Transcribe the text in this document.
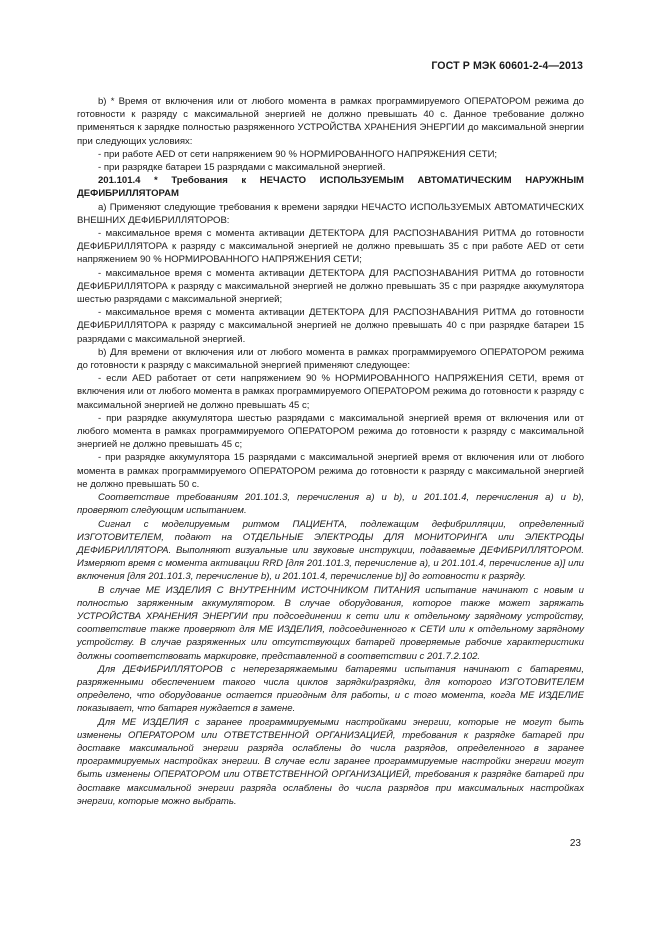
ГОСТ Р МЭК 60601-2-4—2013

b) * Время от включения или от любого момента в рамках программируемого ОПЕРАТОРОМ режима до готовности к разряду с максимальной энергией не должно превышать 40 с. Данное требование должно применяться к зарядке полностью разряженного УСТРОЙСТВА ХРАНЕНИЯ ЭНЕРГИИ до максимальной энергии при следующих условиях:

- при работе AED от сети напряжением 90 % НОРМИРОВАННОГО НАПРЯЖЕНИЯ СЕТИ;

- при разрядке батареи 15 разрядами с максимальной энергией.

201.101.4 * Требования к НЕЧАСТО ИСПОЛЬЗУЕМЫМ АВТОМАТИЧЕСКИМ НАРУЖНЫМ ДЕФИБРИЛЛЯТОРАМ

а) Применяют следующие требования к времени зарядки НЕЧАСТО ИСПОЛЬЗУЕМЫХ АВТОМАТИЧЕСКИХ ВНЕШНИХ ДЕФИБРИЛЛЯТОРОВ:

- максимальное время с момента активации ДЕТЕКТОРА ДЛЯ РАСПОЗНАВАНИЯ РИТМА до готовности ДЕФИБРИЛЛЯТОРА к разряду с максимальной энергией не должно превышать 35 с при работе AED от сети напряжением 90 % НОРМИРОВАННОГО НАПРЯЖЕНИЯ СЕТИ;

- максимальное время с момента активации ДЕТЕКТОРА ДЛЯ РАСПОЗНАВАНИЯ РИТМА до готовности ДЕФИБРИЛЛЯТОРА к разряду с максимальной энергией не должно превышать 35 с при разрядке аккумулятора шестью разрядами с максимальной энергией;

- максимальное время с момента активации ДЕТЕКТОРА ДЛЯ РАСПОЗНАВАНИЯ РИТМА до готовности ДЕФИБРИЛЛЯТОРА к разряду с максимальной энергией не должно превышать 40 с при разрядке батареи 15 разрядами с максимальной энергией.

b) Для времени от включения или от любого момента в рамках программируемого ОПЕРАТОРОМ режима до готовности к разряду с максимальной энергией применяют следующее:

- если AED работает от сети напряжением 90 % НОРМИРОВАННОГО НАПРЯЖЕНИЯ СЕТИ, время от включения или от любого момента в рамках программируемого ОПЕРАТОРОМ режима до готовности к разряду с максимальной энергией не должно превышать 45 с;

- при разрядке аккумулятора шестью разрядами с максимальной энергией время от включения или от любого момента в рамках программируемого ОПЕРАТОРОМ режима до готовности к разряду с максимальной энергией не должно превышать 45 с;

- при разрядке аккумулятора 15 разрядами с максимальной энергией время от включения или от любого момента в рамках программируемого ОПЕРАТОРОМ режима до готовности к разряду с максимальной энергией не должно превышать 50 с.

Соответствие требованиям 201.101.3, перечисления а) и b), и 201.101.4, перечисления а) и b), проверяют следующим испытанием.

Сигнал с моделируемым ритмом ПАЦИЕНТА, подлежащим дефибрилляции, определенный ИЗГОТОВИТЕЛЕМ, подают на ОТДЕЛЬНЫЕ ЭЛЕКТРОДЫ ДЛЯ МОНИТОРИНГА или ЭЛЕКТРОДЫ ДЕФИБРИЛЛЯТОРА. Выполняют визуальные или звуковые инструкции, подаваемые ДЕФИБРИЛЛЯТОРОМ. Измеряют время с момента активации RRD [для 201.101.3, перечисление а), и 201.101.4, перечисление а)] или включения [для 201.101.3, перечисление b), и 201.101.4, перечисление b)] до готовности к разряду.

В случае МЕ ИЗДЕЛИЯ С ВНУТРЕННИМ ИСТОЧНИКОМ ПИТАНИЯ испытание начинают с новым и полностью заряженным аккумулятором. В случае оборудования, которое также может заряжать УСТРОЙСТВА ХРАНЕНИЯ ЭНЕРГИИ при подсоединении к сети или к отдельному зарядному устройству, соответствие также проверяют для МЕ ИЗДЕЛИЯ, подсоединенного к СЕТИ или к отдельному зарядному устройству. В случае разряженных или отсутствующих батарей проверяемые рабочие характеристики должны соответствовать маркировке, представленной в соответствии с 201.7.2.102.

Для ДЕФИБРИЛЛЯТОРОВ с неперезаряжаемыми батареями испытания начинают с батареями, разряженными обеспечением такого числа циклов зарядки/разрядки, для которого ИЗГОТОВИТЕЛЕМ определено, что оборудование остается пригодным для работы, и с того момента, когда МЕ ИЗДЕЛИЕ показывает, что батарея нуждается в замене.

Для МЕ ИЗДЕЛИЯ с заранее программируемыми настройками энергии, которые не могут быть изменены ОПЕРАТОРОМ или ОТВЕТСТВЕННОЙ ОРГАНИЗАЦИЕЙ, требования к разрядке батарей при доставке максимальной энергии разряда ослаблены до числа разрядов, определенного в заранее программируемых настройках энергии. В случае если заранее программируемые настройки энергии могут быть изменены ОПЕРАТОРОМ или ОТВЕТСТВЕННОЙ ОРГАНИЗАЦИЕЙ, требования к разрядке батарей при доставке максимальной энергии разряда ослаблены до числа разрядов при максимальных настройках энергии, которые можно выбрать.

23
